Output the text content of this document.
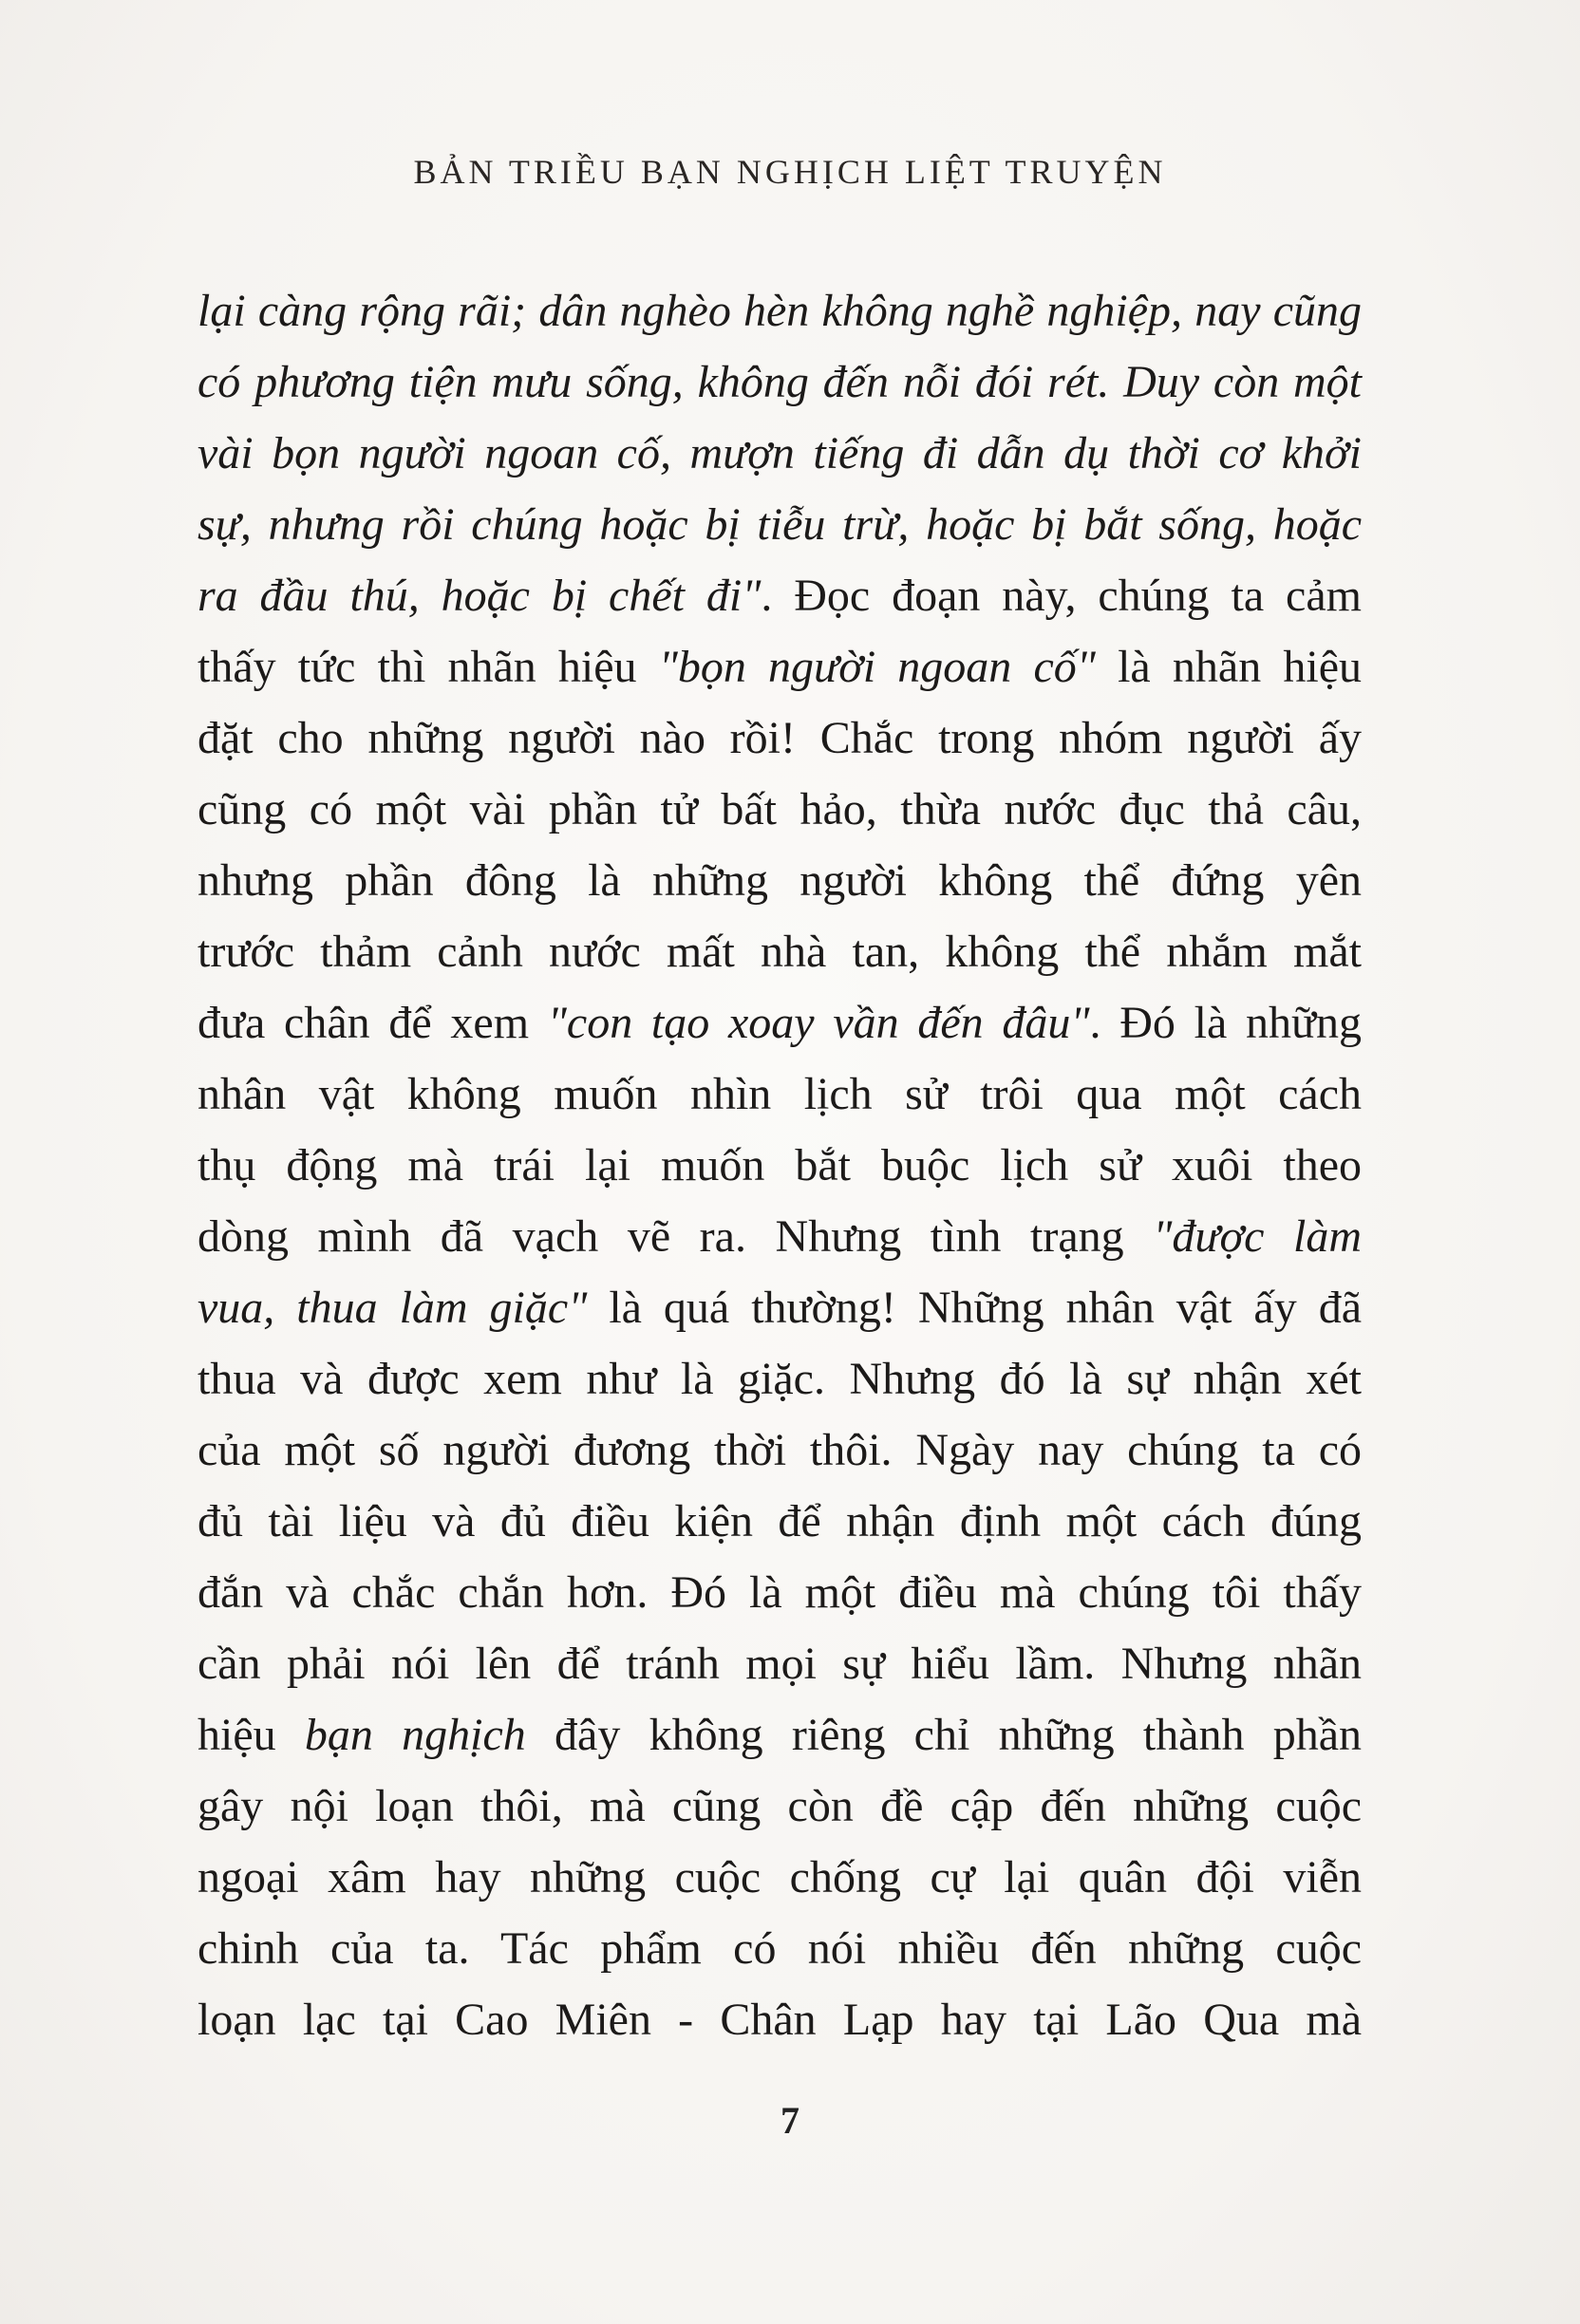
BẢN TRIỀU BẠN NGHỊCH LIỆT TRUYỆN
lại càng rộng rãi; dân nghèo hèn không nghề nghiệp, nay cũng
có phương tiện mưu sống, không đến nỗi đói rét. Duy còn một
vài bọn người ngoan cố, mượn tiếng đi dẫn dụ thời cơ khởi
sự, nhưng rồi chúng hoặc bị tiễu trừ, hoặc bị bắt sống, hoặc
ra đầu thú, hoặc bị chết đi". Đọc đoạn này, chúng ta cảm
thấy tức thì nhãn hiệu "bọn người ngoan cố" là nhãn hiệu
đặt cho những người nào rồi! Chắc trong nhóm người ấy
cũng có một vài phần tử bất hảo, thừa nước đục thả câu,
nhưng phần đông là những người không thể đứng yên
trước thảm cảnh nước mất nhà tan, không thể nhắm mắt
đưa chân để xem "con tạo xoay vần đến đâu". Đó là những
nhân vật không muốn nhìn lịch sử trôi qua một cách
thụ động mà trái lại muốn bắt buộc lịch sử xuôi theo
dòng mình đã vạch vẽ ra. Nhưng tình trạng "được làm
vua, thua làm giặc" là quá thường! Những nhân vật ấy đã
thua và được xem như là giặc. Nhưng đó là sự nhận xét
của một số người đương thời thôi. Ngày nay chúng ta có
đủ tài liệu và đủ điều kiện để nhận định một cách đúng
đắn và chắc chắn hơn. Đó là một điều mà chúng tôi thấy
cần phải nói lên để tránh mọi sự hiểu lầm. Nhưng nhãn
hiệu bạn nghịch đây không riêng chỉ những thành phần
gây nội loạn thôi, mà cũng còn đề cập đến những cuộc
ngoại xâm hay những cuộc chống cự lại quân đội viễn
chinh của ta. Tác phẩm có nói nhiều đến những cuộc
loạn lạc tại Cao Miên - Chân Lạp hay tại Lão Qua mà
7
